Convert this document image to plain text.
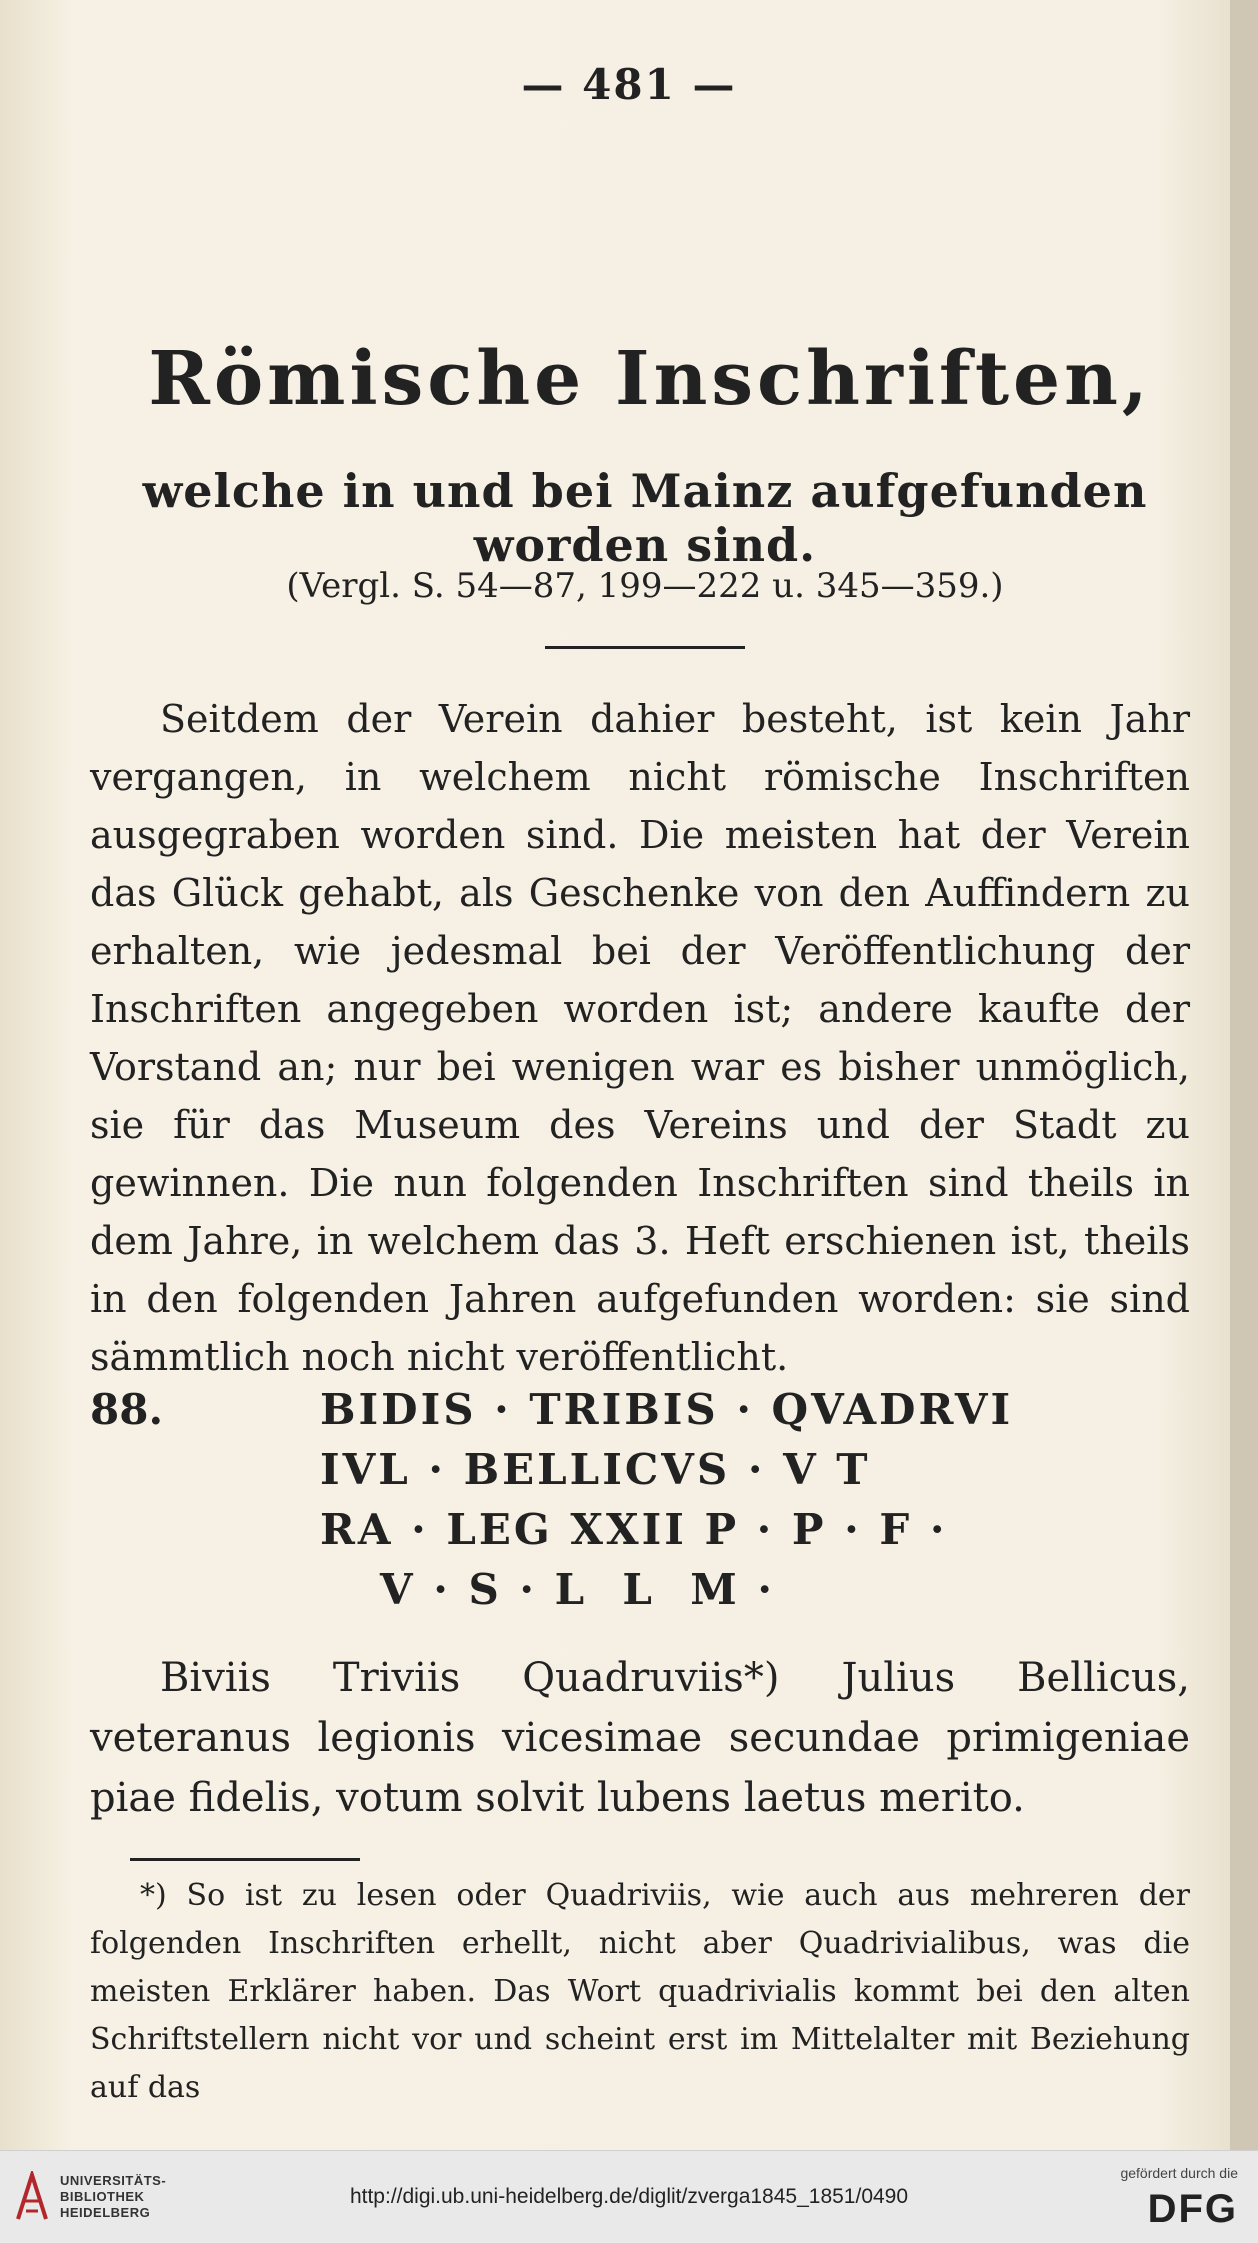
— 481 —
Römische Inschriften,
welche in und bei Mainz aufgefunden worden sind.
(Vergl. S. 54—87, 199—222 u. 345—359.)
Seitdem der Verein dahier besteht, ist kein Jahr vergangen, in welchem nicht römische Inschriften ausgegraben worden sind. Die meisten hat der Verein das Glück gehabt, als Geschenke von den Auffindern zu erhalten, wie jedesmal bei der Veröffentlichung der Inschriften angegeben worden ist; andere kaufte der Vorstand an; nur bei wenigen war es bisher unmöglich, sie für das Museum des Vereins und der Stadt zu gewinnen. Die nun folgenden Inschriften sind theils in dem Jahre, in welchem das 3. Heft erschienen ist, theils in den folgenden Jahren aufgefunden worden: sie sind sämmtlich noch nicht veröffentlicht.
88.	BIDIS · TRIBIS · QVADRVI
IVL · BELLICVS · V T
RA · LEG XXII P · P · F ·
V · S · L  L  M ·
Biviis Triviis Quadruviis*) Julius Bellicus, veteranus legionis vicesimae secundae primigeniae piae fidelis, votum solvit lubens laetus merito.
*) So ist zu lesen oder Quadriviis, wie auch aus mehreren der folgenden Inschriften erhellt, nicht aber Quadrivialibus, was die meisten Erklärer haben. Das Wort quadrivialis kommt bei den alten Schriftstellern nicht vor und scheint erst im Mittelalter mit Beziehung auf das
UNIVERSITÄTS-
BIBLIOTHEK
HEIDELBERG
http://digi.ub.uni-heidelberg.de/diglit/zverga1845_1851/0490
gefördert durch die
DFG
